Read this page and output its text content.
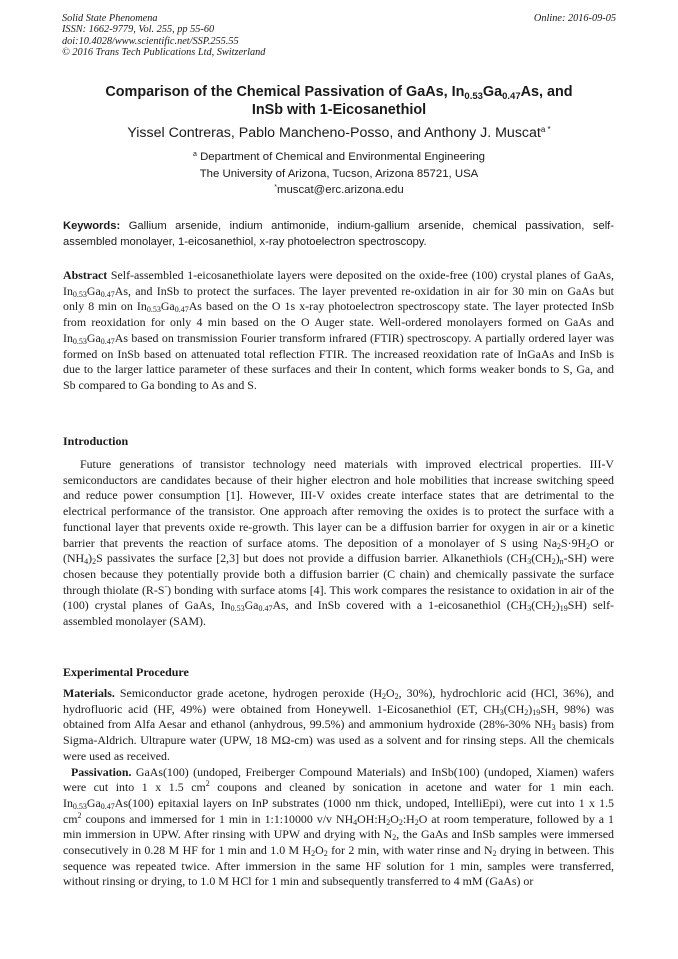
Solid State Phenomena
ISSN: 1662-9779, Vol. 255, pp 55-60
doi:10.4028/www.scientific.net/SSP.255.55
© 2016 Trans Tech Publications Ltd, Switzerland
Online: 2016-09-05
Comparison of the Chemical Passivation of GaAs, $In_{0.53}Ga_{0.47}As$, and
InSb with 1-Eicosanethiol
Yissel Contreras, Pablo Mancheno-Posso, and Anthony J. Muscat$^{a *}$
$^a$ Department of Chemical and Environmental Engineering
The University of Arizona, Tucson, Arizona 85721, USA
*muscat@erc.arizona.edu
Keywords: Gallium arsenide, indium antimonide, indium-gallium arsenide, chemical passivation, self-assembled monolayer, 1-eicosanethiol, x-ray photoelectron spectroscopy.

Abstract Self-assembled 1-eicosanethiolate layers were deposited on the oxide-free (100) crystal planes of GaAs, $In_{0.53}Ga_{0.47}As$, and InSb to protect the surfaces. The layer prevented re-oxidation in air for 30 min on GaAs but only 8 min on $In_{0.53}Ga_{0.47}As$ based on the O 1s x-ray photoelectron spectroscopy state. The layer protected InSb from reoxidation for only 4 min based on the O Auger state. Well-ordered monolayers formed on GaAs and $In_{0.53}Ga_{0.47}As$ based on transmission Fourier transform infrared (FTIR) spectroscopy. A partially ordered layer was formed on InSb based on attenuated total reflection FTIR. The increased reoxidation rate of InGaAs and InSb is due to the larger lattice parameter of these surfaces and their In content, which forms weaker bonds to S, Ga, and Sb compared to Ga bonding to As and S.

Introduction

Future generations of transistor technology need materials with improved electrical properties. III-V semiconductors are candidates because of their higher electron and hole mobilities that increase switching speed and reduce power consumption [1]. However, III-V oxides create interface states that are detrimental to the electrical performance of the transistor. One approach after removing the oxides is to protect the surface with a functional layer that prevents oxide re-growth. This layer can be a diffusion barrier for oxygen in air or a kinetic barrier that prevents the reaction of surface atoms. The deposition of a monolayer of S using $Na_2S\cdot 9H_2O$ or $(NH_4)_2S$ passivates the surface [2,3] but does not provide a diffusion barrier. Alkanethiols $(CH_3(CH_2)_n-SH)$ were chosen because they potentially provide both a diffusion barrier (C chain) and chemically passivate the surface through thiolate (R-S-) bonding with surface atoms [4]. This work compares the resistance to oxidation in air of the (100) crystal planes of GaAs, $In_{0.53}Ga_{0.47}As$, and InSb covered with a 1-eicosanethiol $(CH_3(CH_2)_{19}SH)$ self-assembled monolayer (SAM).

Experimental Procedure

Materials. Semiconductor grade acetone, hydrogen peroxide ($H_2O_2$, 30%), hydrochloric acid (HCl, 36%), and hydrofluoric acid (HF, 49%) were obtained from Honeywell. 1-Eicosanethiol (ET, $CH_3(CH_2)_{19}SH$, 98%) was obtained from Alfa Aesar and ethanol (anhydrous, 99.5%) and ammonium hydroxide (28%-30% $NH_3$ basis) from Sigma-Aldrich. Ultrapure water (UPW, 18 MΩ-cm) was used as a solvent and for rinsing steps. All the chemicals were used as received.

Passivation. GaAs(100) (undoped, Freiberger Compound Materials) and InSb(100) (undoped, Xiamen) wafers were cut into 1 x 1.5 $cm^2$ coupons and cleaned by sonication in acetone and water for 1 min each. $In_{0.53}Ga_{0.47}As(100)$ epitaxial layers on InP substrates (1000 nm thick, undoped, IntelliEpi), were cut into 1 x 1.5 $cm^2$ coupons and immersed for 1 min in 1:1:10000 v/v $NH_4OH:H_2O_2:H_2O$ at room temperature, followed by a 1 min immersion in UPW. After rinsing with UPW and drying with $N_2$, the GaAs and InSb samples were immersed consecutively in 0.28 M HF for 1 min and 1.0 M $H_2O_2$ for 2 min, with water rinse and $N_2$ drying in between. This sequence was repeated twice. After immersion in the same HF solution for 1 min, samples were transferred, without rinsing or drying, to 1.0 M HCl for 1 min and subsequently transferred to 4 mM (GaAs) or
